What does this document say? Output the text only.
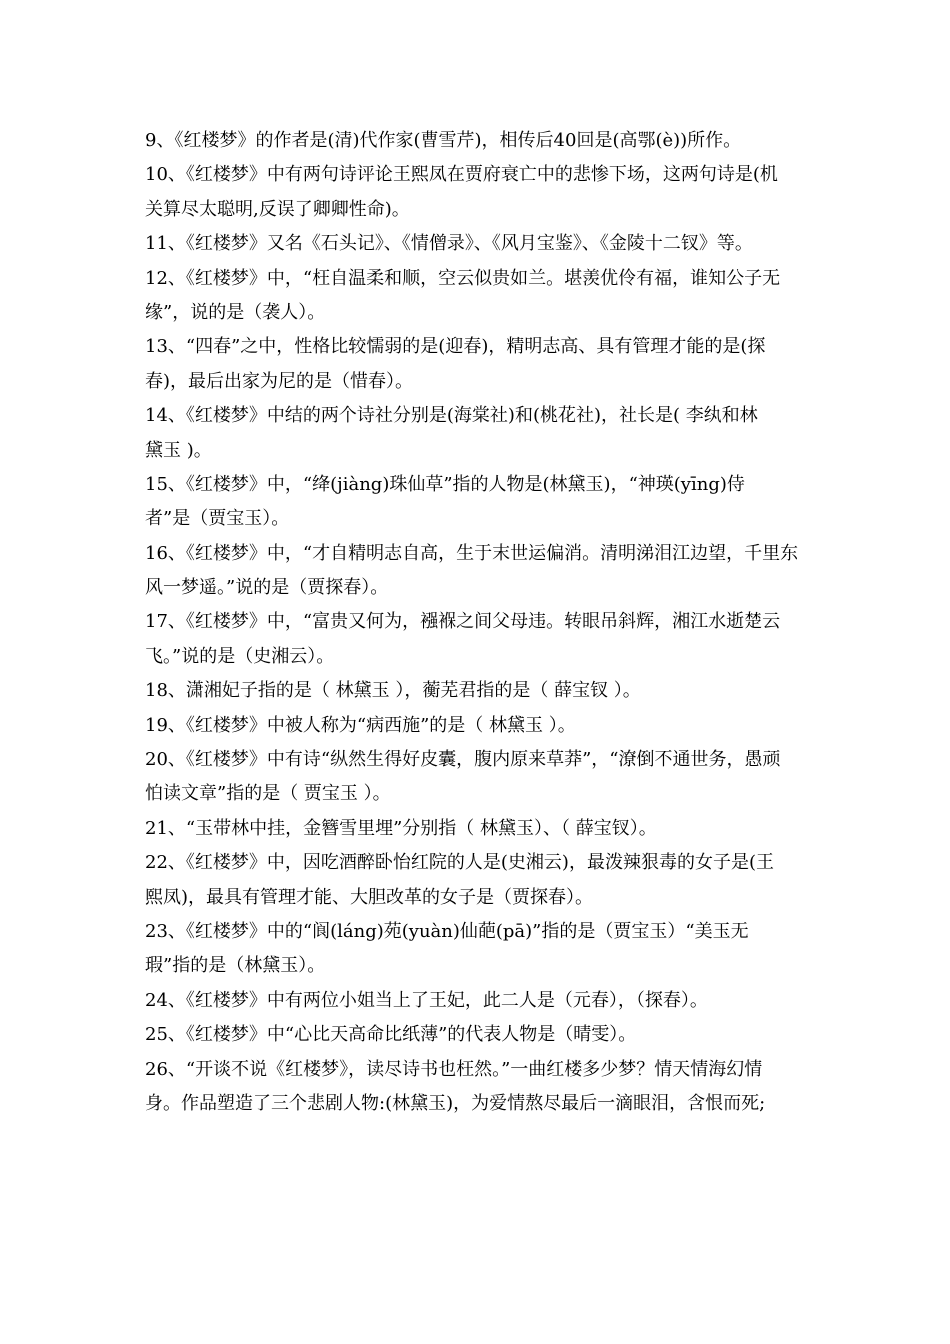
9、《红楼梦》的作者是(清)代作家(曹雪芹)，相传后40回是(高鄂(è))所作。
10、《红楼梦》中有两句诗评论王熙凤在贾府衰亡中的悲惨下场，这两句诗是(机
关算尽太聪明,反误了卿卿性命)。
11、《红楼梦》又名《石头记》、《情僧录》、《风月宝鉴》、《金陵十二钗》等。
12、《红楼梦》中，“枉自温柔和顺，空云似贵如兰。堪羡优伶有福，谁知公子无
缘”，说的是（袭人）。
13、“四春”之中，性格比较懦弱的是(迎春)，精明志高、具有管理才能的是(探
春)，最后出家为尼的是（惜春）。
14、《红楼梦》中结的两个诗社分别是(海棠社)和(桃花社)，社长是( 李纨和林
黛玉 )。
15、《红楼梦》中，“绛(jiàng)珠仙草”指的人物是(林黛玉)，“神瑛(yīng)侍
者”是（贾宝玉）。
16、《红楼梦》中，“才自精明志自高，生于末世运偏消。清明涕泪江边望，千里东
风一梦遥。”说的是（贾探春）。
17、《红楼梦》中，“富贵又何为，襁褓之间父母违。转眼吊斜辉，湘江水逝楚云
飞。”说的是（史湘云）。
18、潇湘妃子指的是（ 林黛玉 ），蘅芜君指的是（ 薛宝钗 ）。
19、《红楼梦》中被人称为“病西施”的是（ 林黛玉 ）。
20、《红楼梦》中有诗“纵然生得好皮囊，腹内原来草莽”，“潦倒不通世务，愚顽
怕读文章”指的是（ 贾宝玉 ）。
21、“玉带林中挂，金簪雪里埋”分别指（ 林黛玉）、（ 薛宝钗）。
22、《红楼梦》中，因吃酒醉卧怡红院的人是(史湘云)，最泼辣狠毒的女子是(王
熙凤)，最具有管理才能、大胆改革的女子是（贾探春）。
23、《红楼梦》中的“阆(láng)苑(yuàn)仙葩(pā)”指的是（贾宝玉）“美玉无
瑕”指的是（林黛玉）。
24、《红楼梦》中有两位小姐当上了王妃，此二人是（元春），（探春）。
25、《红楼梦》中“心比天高命比纸薄”的代表人物是（晴雯）。
26、“开谈不说《红楼梦》，读尽诗书也枉然。”一曲红楼多少梦？情天情海幻情
身。作品塑造了三个悲剧人物:(林黛玉)，为爱情熬尽最后一滴眼泪，含恨而死;
